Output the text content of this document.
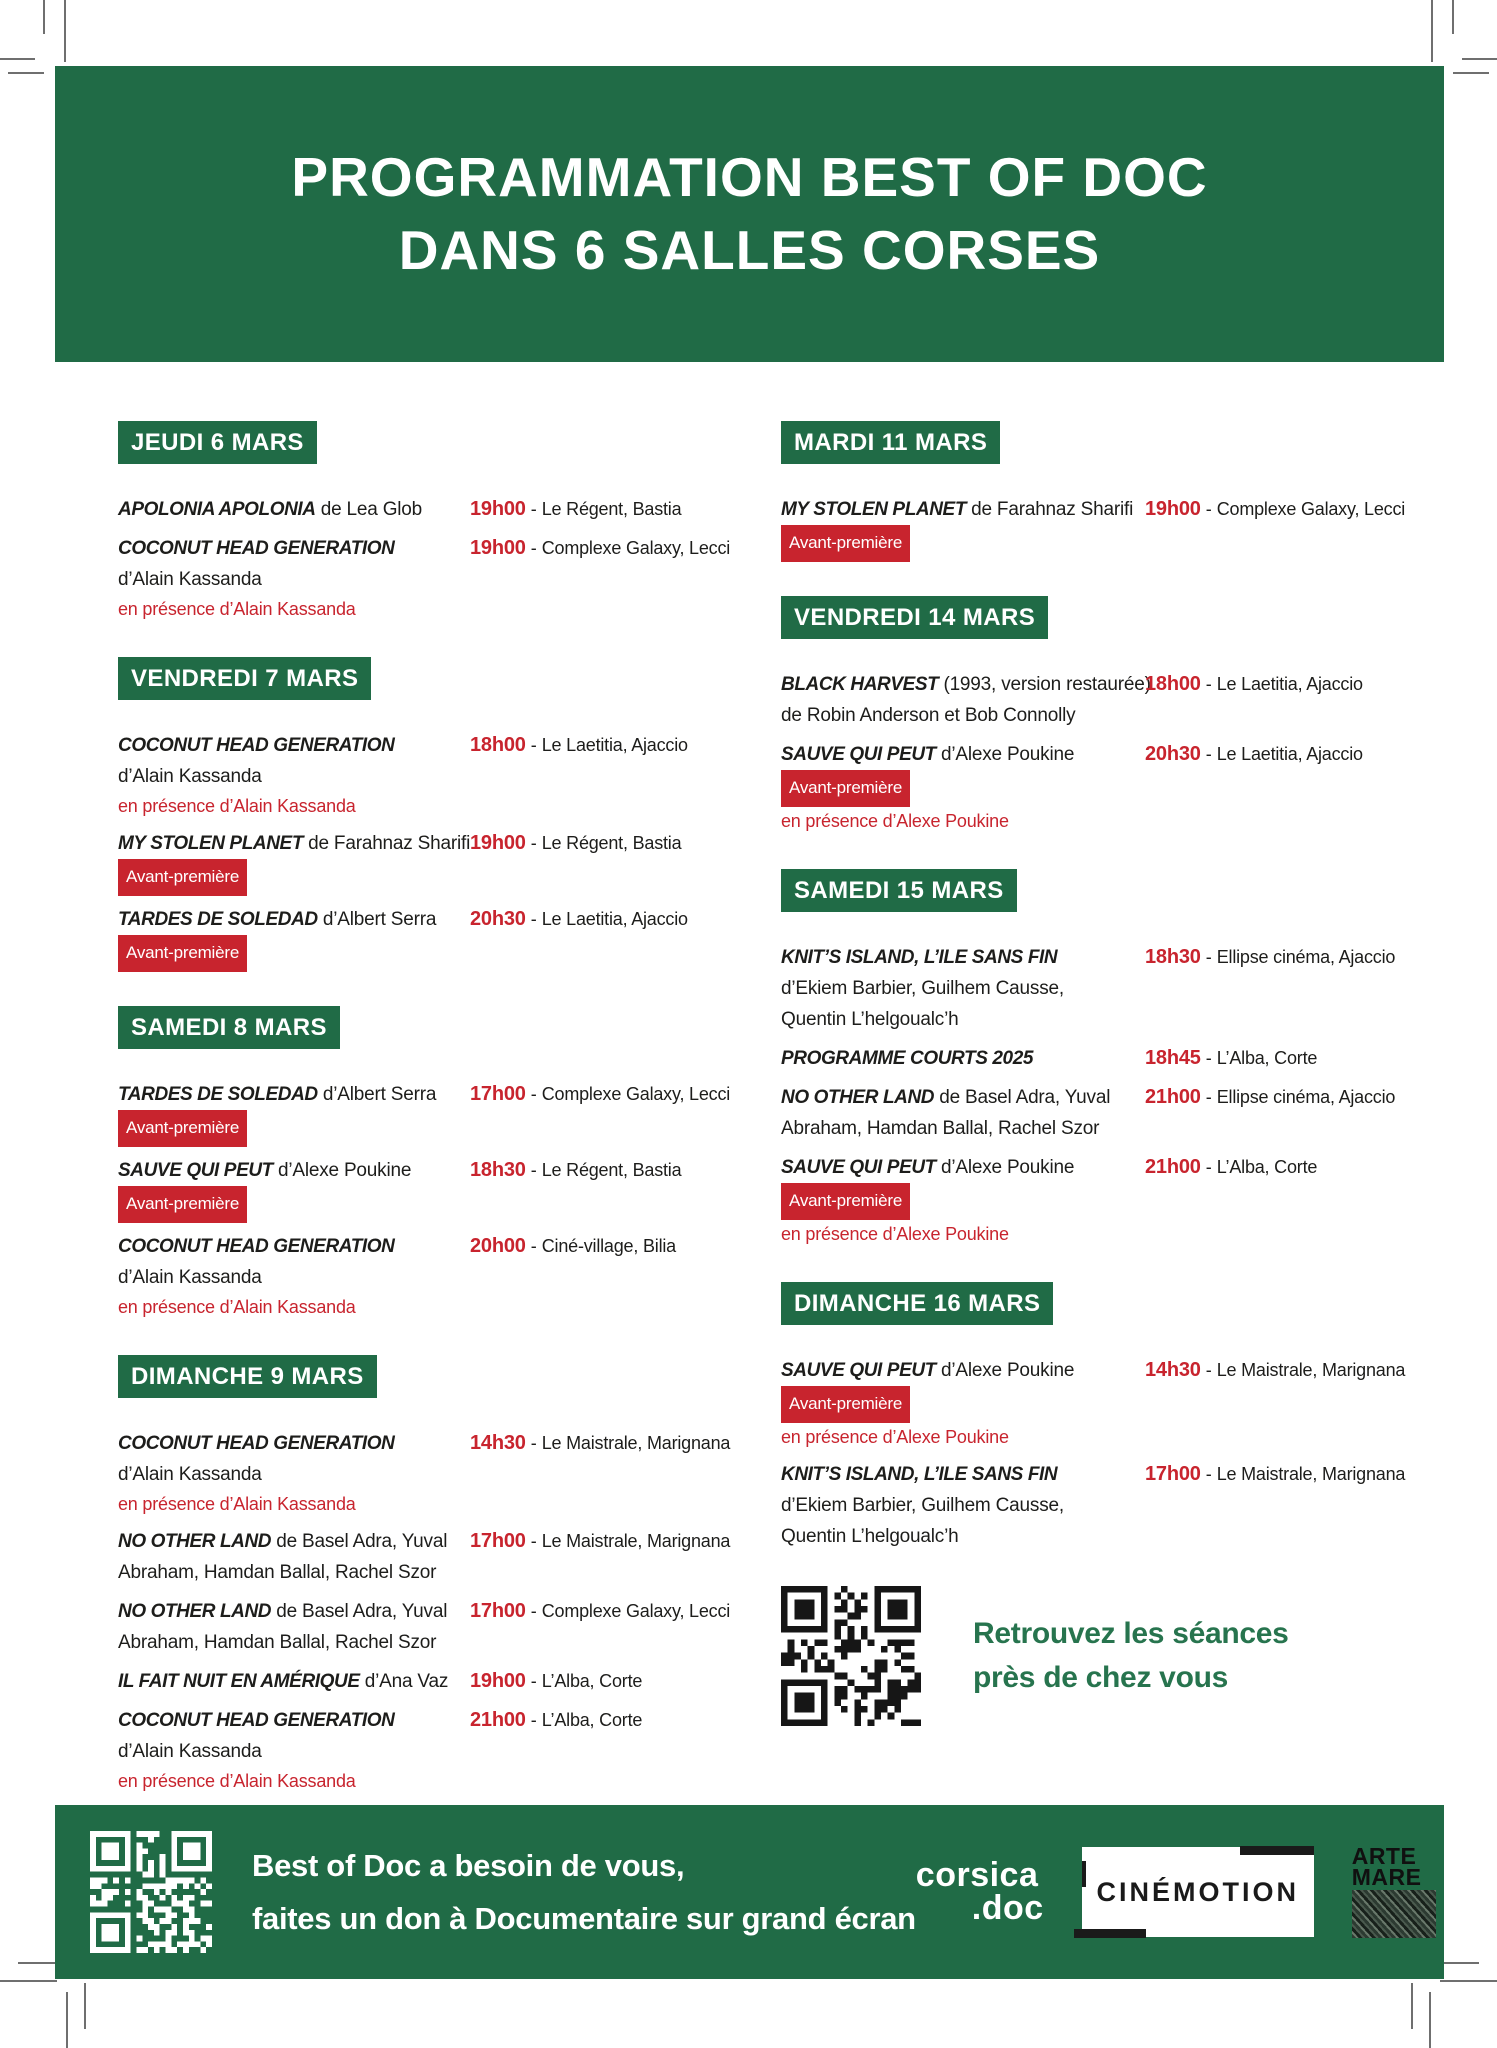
PROGRAMMATION BEST OF DOC
DANS 6 SALLES CORSES
JEUDI 6 MARS
APOLONIA APOLONIA de Lea Glob	19h00 - Le Régent, Bastia
COCONUT HEAD GENERATION
d’Alain Kassanda
en présence d’Alain Kassanda
19h00 - Complexe Galaxy, Lecci
VENDREDI 7 MARS
COCONUT HEAD GENERATION
d’Alain Kassanda
en présence d’Alain Kassanda
18h00 - Le Laetitia, Ajaccio
MY STOLEN PLANET de Farahnaz Sharifi
Avant-première
19h00 - Le Régent, Bastia
TARDES DE SOLEDAD d’Albert Serra
Avant-première
20h30 - Le Laetitia, Ajaccio
SAMEDI 8 MARS
TARDES DE SOLEDAD d’Albert Serra
Avant-première
17h00 - Complexe Galaxy, Lecci
SAUVE QUI PEUT d’Alexe Poukine
Avant-première
18h30 - Le Régent, Bastia
COCONUT HEAD GENERATION
d’Alain Kassanda
en présence d’Alain Kassanda
20h00 - Ciné-village, Bilia
DIMANCHE 9 MARS
COCONUT HEAD GENERATION
d’Alain Kassanda
en présence d’Alain Kassanda
14h30 - Le Maistrale, Marignana
NO OTHER LAND de Basel Adra, Yuval
Abraham, Hamdan Ballal, Rachel Szor
17h00 - Le Maistrale, Marignana
NO OTHER LAND de Basel Adra, Yuval
Abraham, Hamdan Ballal, Rachel Szor
17h00 - Complexe Galaxy, Lecci
IL FAIT NUIT EN AMÉRIQUE d’Ana Vaz	19h00 - L’Alba, Corte
COCONUT HEAD GENERATION
d’Alain Kassanda
en présence d’Alain Kassanda
21h00 - L’Alba, Corte
MARDI 11 MARS
MY STOLEN PLANET de Farahnaz Sharifi
Avant-première
19h00 - Complexe Galaxy, Lecci
VENDREDI 14 MARS
BLACK HARVEST (1993, version restaurée)
de Robin Anderson et Bob Connolly
18h00 - Le Laetitia, Ajaccio
SAUVE QUI PEUT d’Alexe Poukine
Avant-première
en présence d’Alexe Poukine
20h30 - Le Laetitia, Ajaccio
SAMEDI 15 MARS
KNIT’S ISLAND, L’ILE SANS FIN
d’Ekiem Barbier, Guilhem Causse,
Quentin L’helgoualc’h
18h30 - Ellipse cinéma, Ajaccio
PROGRAMME COURTS 2025	18h45 - L’Alba, Corte
NO OTHER LAND de Basel Adra, Yuval
Abraham, Hamdan Ballal, Rachel Szor
21h00 - Ellipse cinéma, Ajaccio
SAUVE QUI PEUT d’Alexe Poukine
Avant-première
en présence d’Alexe Poukine
21h00 - L’Alba, Corte
DIMANCHE 16 MARS
SAUVE QUI PEUT d’Alexe Poukine
Avant-première
en présence d’Alexe Poukine
14h30 - Le Maistrale, Marignana
KNIT’S ISLAND, L’ILE SANS FIN
d’Ekiem Barbier, Guilhem Causse,
Quentin L’helgoualc’h
17h00 - Le Maistrale, Marignana
Retrouvez les séances
près de chez vous
Best of Doc a besoin de vous,
faites un don à Documentaire sur grand écran
corsica
.doc CINÉMOTION
ARTE
MARE
